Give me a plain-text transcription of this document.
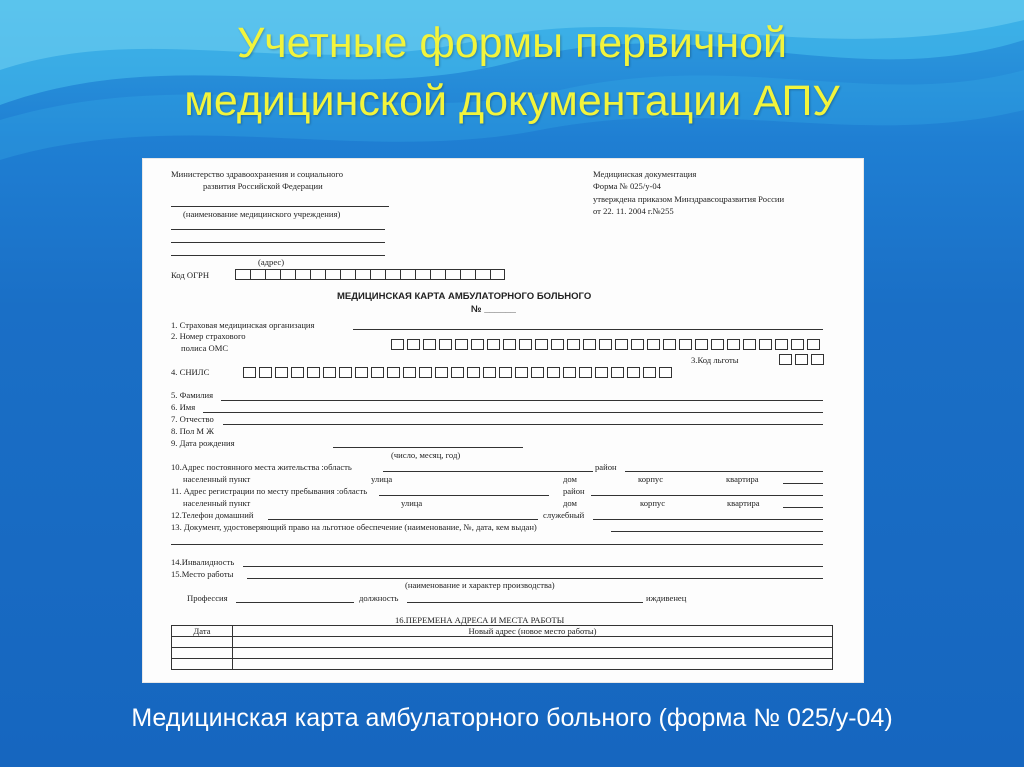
Учетные формы первичной
медицинской документации АПУ
Министерство здравоохранения и социального
развития Российской Федерации
(наименование медицинского учреждения)
(адрес)
Код ОГРН
Медицинская документация
Форма № 025/у-04
утверждена приказом Минздравсоцразвития России
от 22. 11. 2004 г.№255
МЕДИЦИНСКАЯ КАРТА АМБУЛАТОРНОГО БОЛЬНОГО
№ ______
1. Страховая медицинская организация
2. Номер страхового
полиса ОМС
3.Код льготы
4. СНИЛС
5. Фамилия
6. Имя
7. Отчество
8. Пол М Ж
9. Дата рождения
(число, месяц, год)
10.Адрес постоянного места жительства :область	район
населенный пункт	улица	дом	корпус	квартира
11. Адрес регистрации по месту пребывания :область	район
населенный пункт	улица	дом	корпус	квартира
12.Телефон домашний	служебный
13. Документ, удостоверяющий право на льготное обеспечение (наименование, №, дата, кем выдан)
14.Инвалидность
15.Место работы
(наименование и характер производства)
Профессия	должность	иждивенец
16.ПЕРЕМЕНА АДРЕСА И МЕСТА РАБОТЫ
Дата	Новый адрес (новое место работы)

Медицинская карта амбулаторного больного (форма № 025/у-04)
